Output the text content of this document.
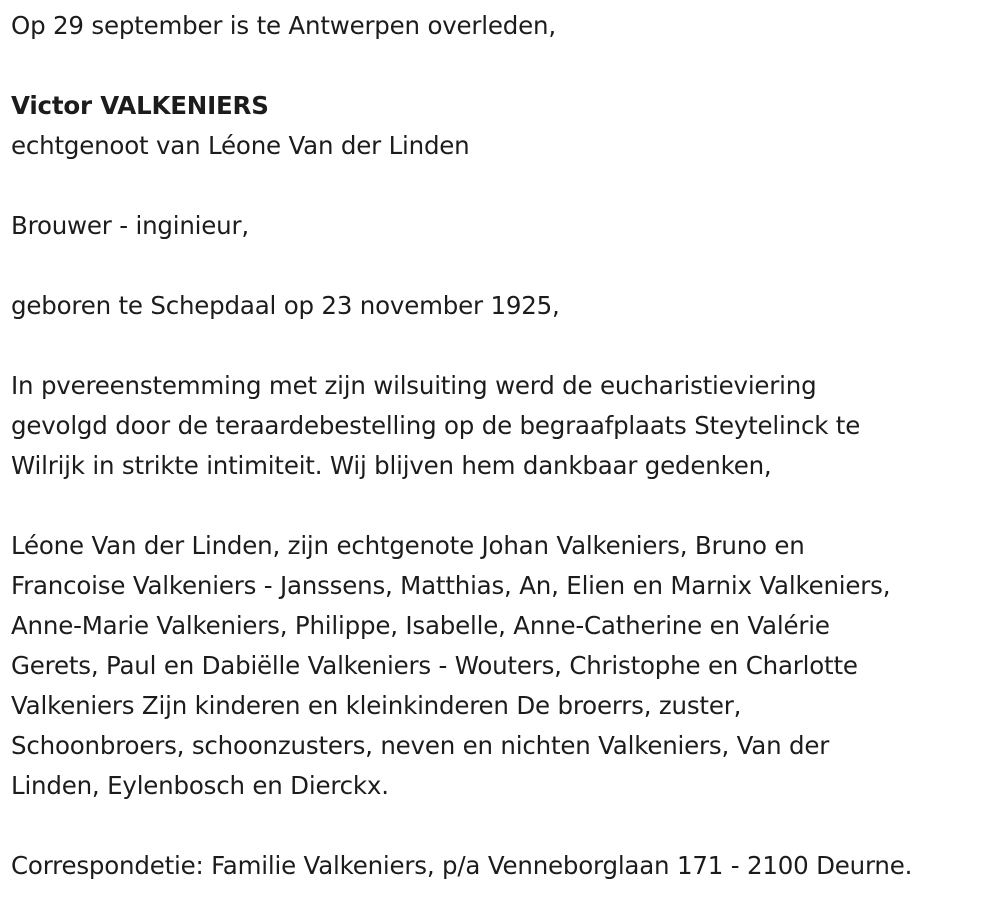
Op 29 september is te Antwerpen overleden,

Victor VALKENIERS

echtgenoot van Léone Van der Linden

Brouwer - inginieur,

geboren te Schepdaal op 23 november 1925,

In pvereenstemming met zijn wilsuiting werd de eucharistieviering

gevolgd door de teraardebestelling op de begraafplaats Steytelinck te

Wilrijk in strikte intimiteit. Wij blijven hem dankbaar gedenken,

Léone Van der Linden, zijn echtgenote Johan Valkeniers, Bruno en

Francoise Valkeniers - Janssens, Matthias, An, Elien en Marnix Valkeniers,

Anne-Marie Valkeniers, Philippe, Isabelle, Anne-Catherine en Valérie

Gerets, Paul en Dabiëlle Valkeniers - Wouters, Christophe en Charlotte

Valkeniers Zijn kinderen en kleinkinderen De broerrs, zuster,

Schoonbroers, schoonzusters, neven en nichten Valkeniers, Van der

Linden, Eylenbosch en Dierckx.

Correspondetie: Familie Valkeniers, p/a Venneborglaan 171 - 2100 Deurne.
